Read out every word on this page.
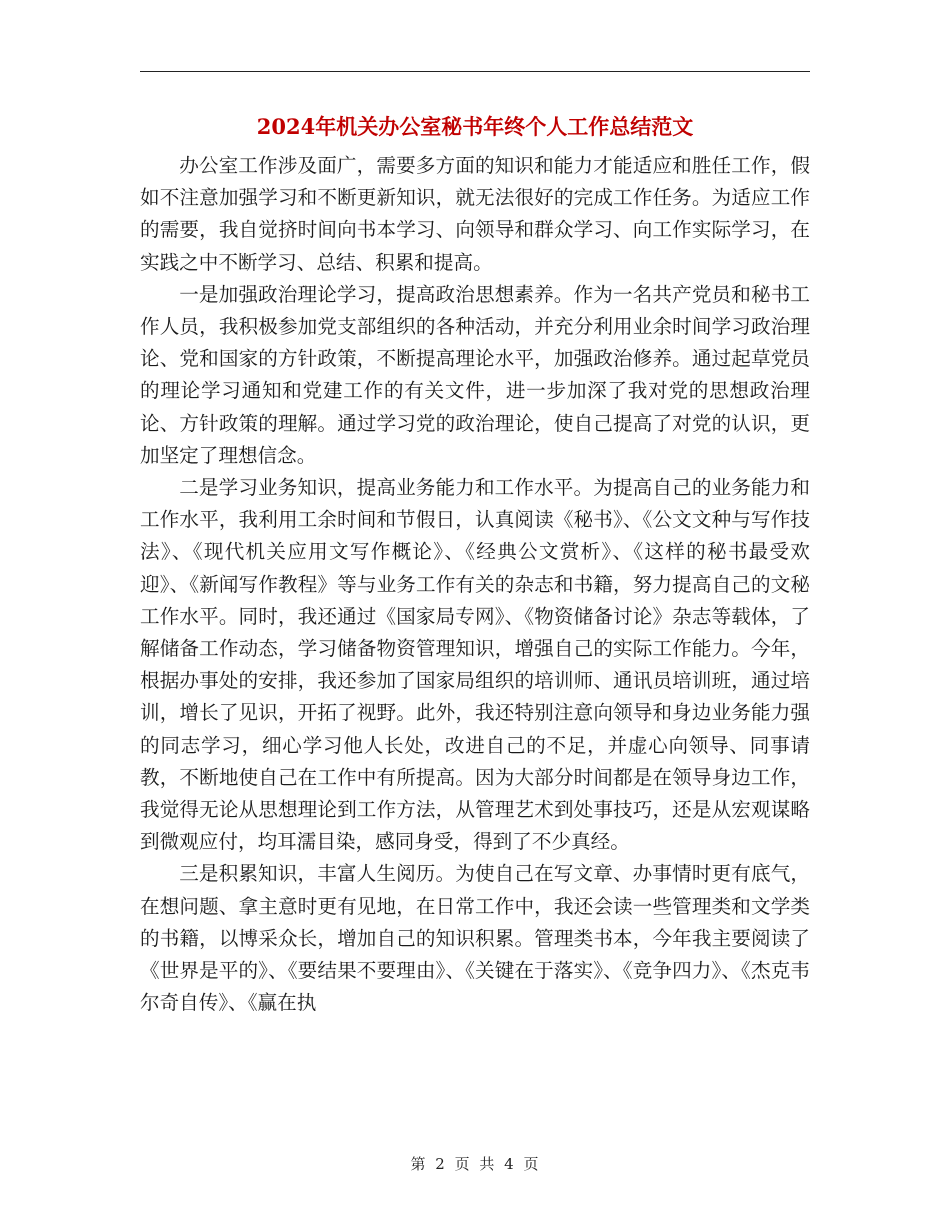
2024年机关办公室秘书年终个人工作总结范文

办公室工作涉及面广，需要多方面的知识和能力才能适应和胜任工作，假如不注意加强学习和不断更新知识，就无法很好的完成工作任务。为适应工作的需要，我自觉挤时间向书本学习、向领导和群众学习、向工作实际学习，在实践之中不断学习、总结、积累和提高。

一是加强政治理论学习，提高政治思想素养。作为一名共产党员和秘书工作人员，我积极参加党支部组织的各种活动，并充分利用业余时间学习政治理论、党和国家的方针政策，不断提高理论水平，加强政治修养。通过起草党员的理论学习通知和党建工作的有关文件，进一步加深了我对党的思想政治理论、方针政策的理解。通过学习党的政治理论，使自己提高了对党的认识，更加坚定了理想信念。

二是学习业务知识，提高业务能力和工作水平。为提高自己的业务能力和工作水平，我利用工余时间和节假日，认真阅读《秘书》、《公文文种与写作技法》、《现代机关应用文写作概论》、《经典公文赏析》、《这样的秘书最受欢迎》、《新闻写作教程》等与业务工作有关的杂志和书籍，努力提高自己的文秘工作水平。同时，我还通过《国家局专网》、《物资储备讨论》杂志等载体，了解储备工作动态，学习储备物资管理知识，增强自己的实际工作能力。今年，根据办事处的安排，我还参加了国家局组织的培训师、通讯员培训班，通过培训，增长了见识，开拓了视野。此外，我还特别注意向领导和身边业务能力强的同志学习，细心学习他人长处，改进自己的不足，并虚心向领导、同事请教，不断地使自己在工作中有所提高。因为大部分时间都是在领导身边工作，我觉得无论从思想理论到工作方法，从管理艺术到处事技巧，还是从宏观谋略到微观应付，均耳濡目染，感同身受，得到了不少真经。

三是积累知识，丰富人生阅历。为使自己在写文章、办事情时更有底气，在想问题、拿主意时更有见地，在日常工作中，我还会读一些管理类和文学类的书籍，以博采众长，增加自己的知识积累。管理类书本，今年我主要阅读了《世界是平的》、《要结果不要理由》、《关键在于落实》、《竞争四力》、《杰克韦尔奇自传》、《赢在执

第 2 页 共 4 页
